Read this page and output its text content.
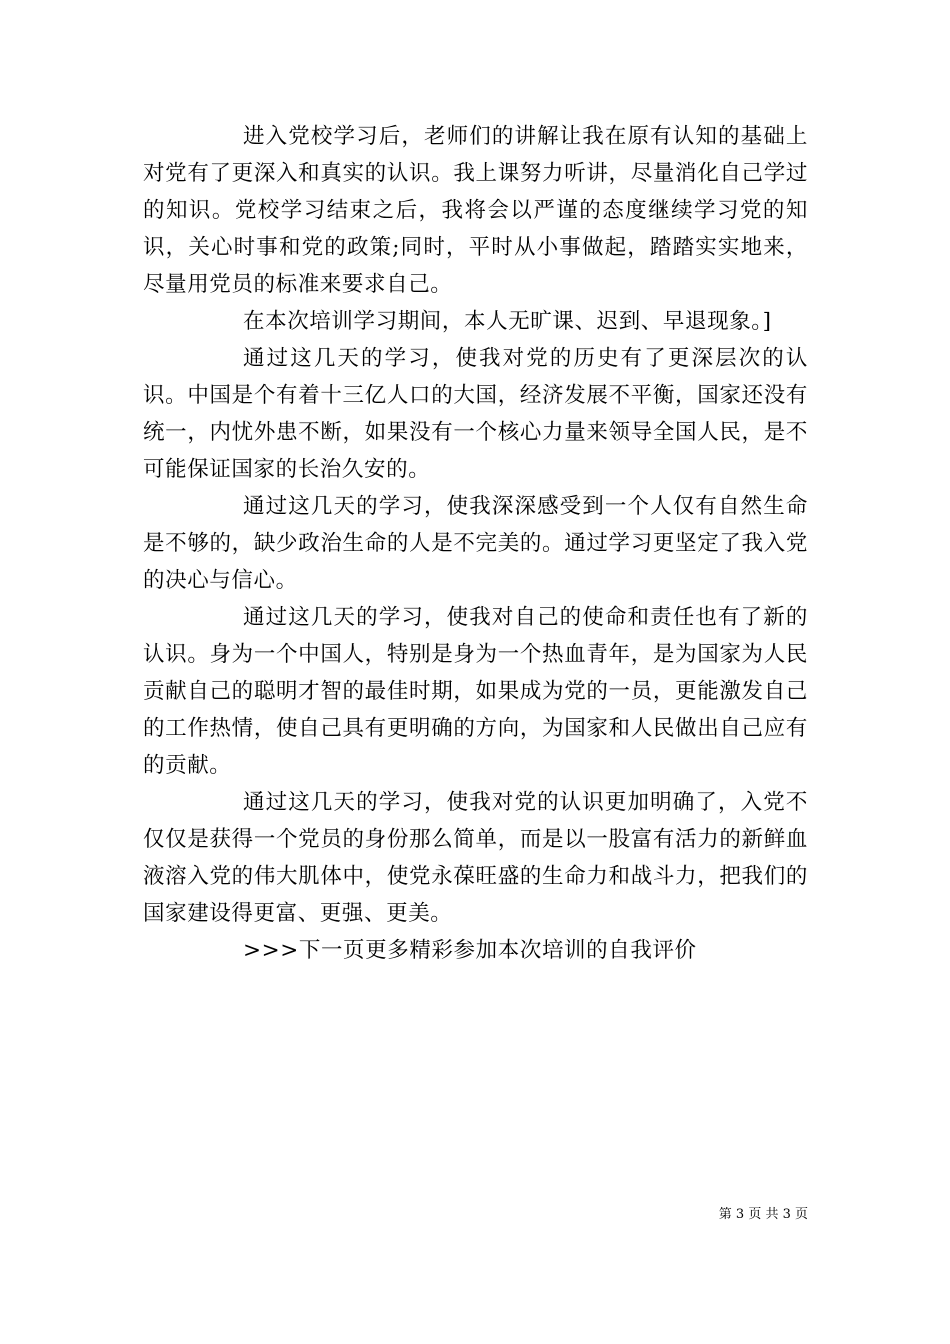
进入党校学习后，老师们的讲解让我在原有认知的基础上对党有了更深入和真实的认识。我上课努力听讲，尽量消化自己学过的知识。党校学习结束之后，我将会以严谨的态度继续学习党的知识，关心时事和党的政策;同时，平时从小事做起，踏踏实实地来，尽量用党员的标准来要求自己。

在本次培训学习期间，本人无旷课、迟到、早退现象。]

通过这几天的学习，使我对党的历史有了更深层次的认识。中国是个有着十三亿人口的大国，经济发展不平衡，国家还没有统一，内忧外患不断，如果没有一个核心力量来领导全国人民，是不可能保证国家的长治久安的。

通过这几天的学习，使我深深感受到一个人仅有自然生命是不够的，缺少政治生命的人是不完美的。通过学习更坚定了我入党的决心与信心。

通过这几天的学习，使我对自己的使命和责任也有了新的认识。身为一个中国人，特别是身为一个热血青年，是为国家为人民贡献自己的聪明才智的最佳时期，如果成为党的一员，更能激发自己的工作热情，使自己具有更明确的方向，为国家和人民做出自己应有的贡献。

通过这几天的学习，使我对党的认识更加明确了，入党不仅仅是获得一个党员的身份那么简单，而是以一股富有活力的新鲜血液溶入党的伟大肌体中，使党永葆旺盛的生命力和战斗力，把我们的国家建设得更富、更强、更美。

>>>下一页更多精彩参加本次培训的自我评价

第 3 页 共 3 页
